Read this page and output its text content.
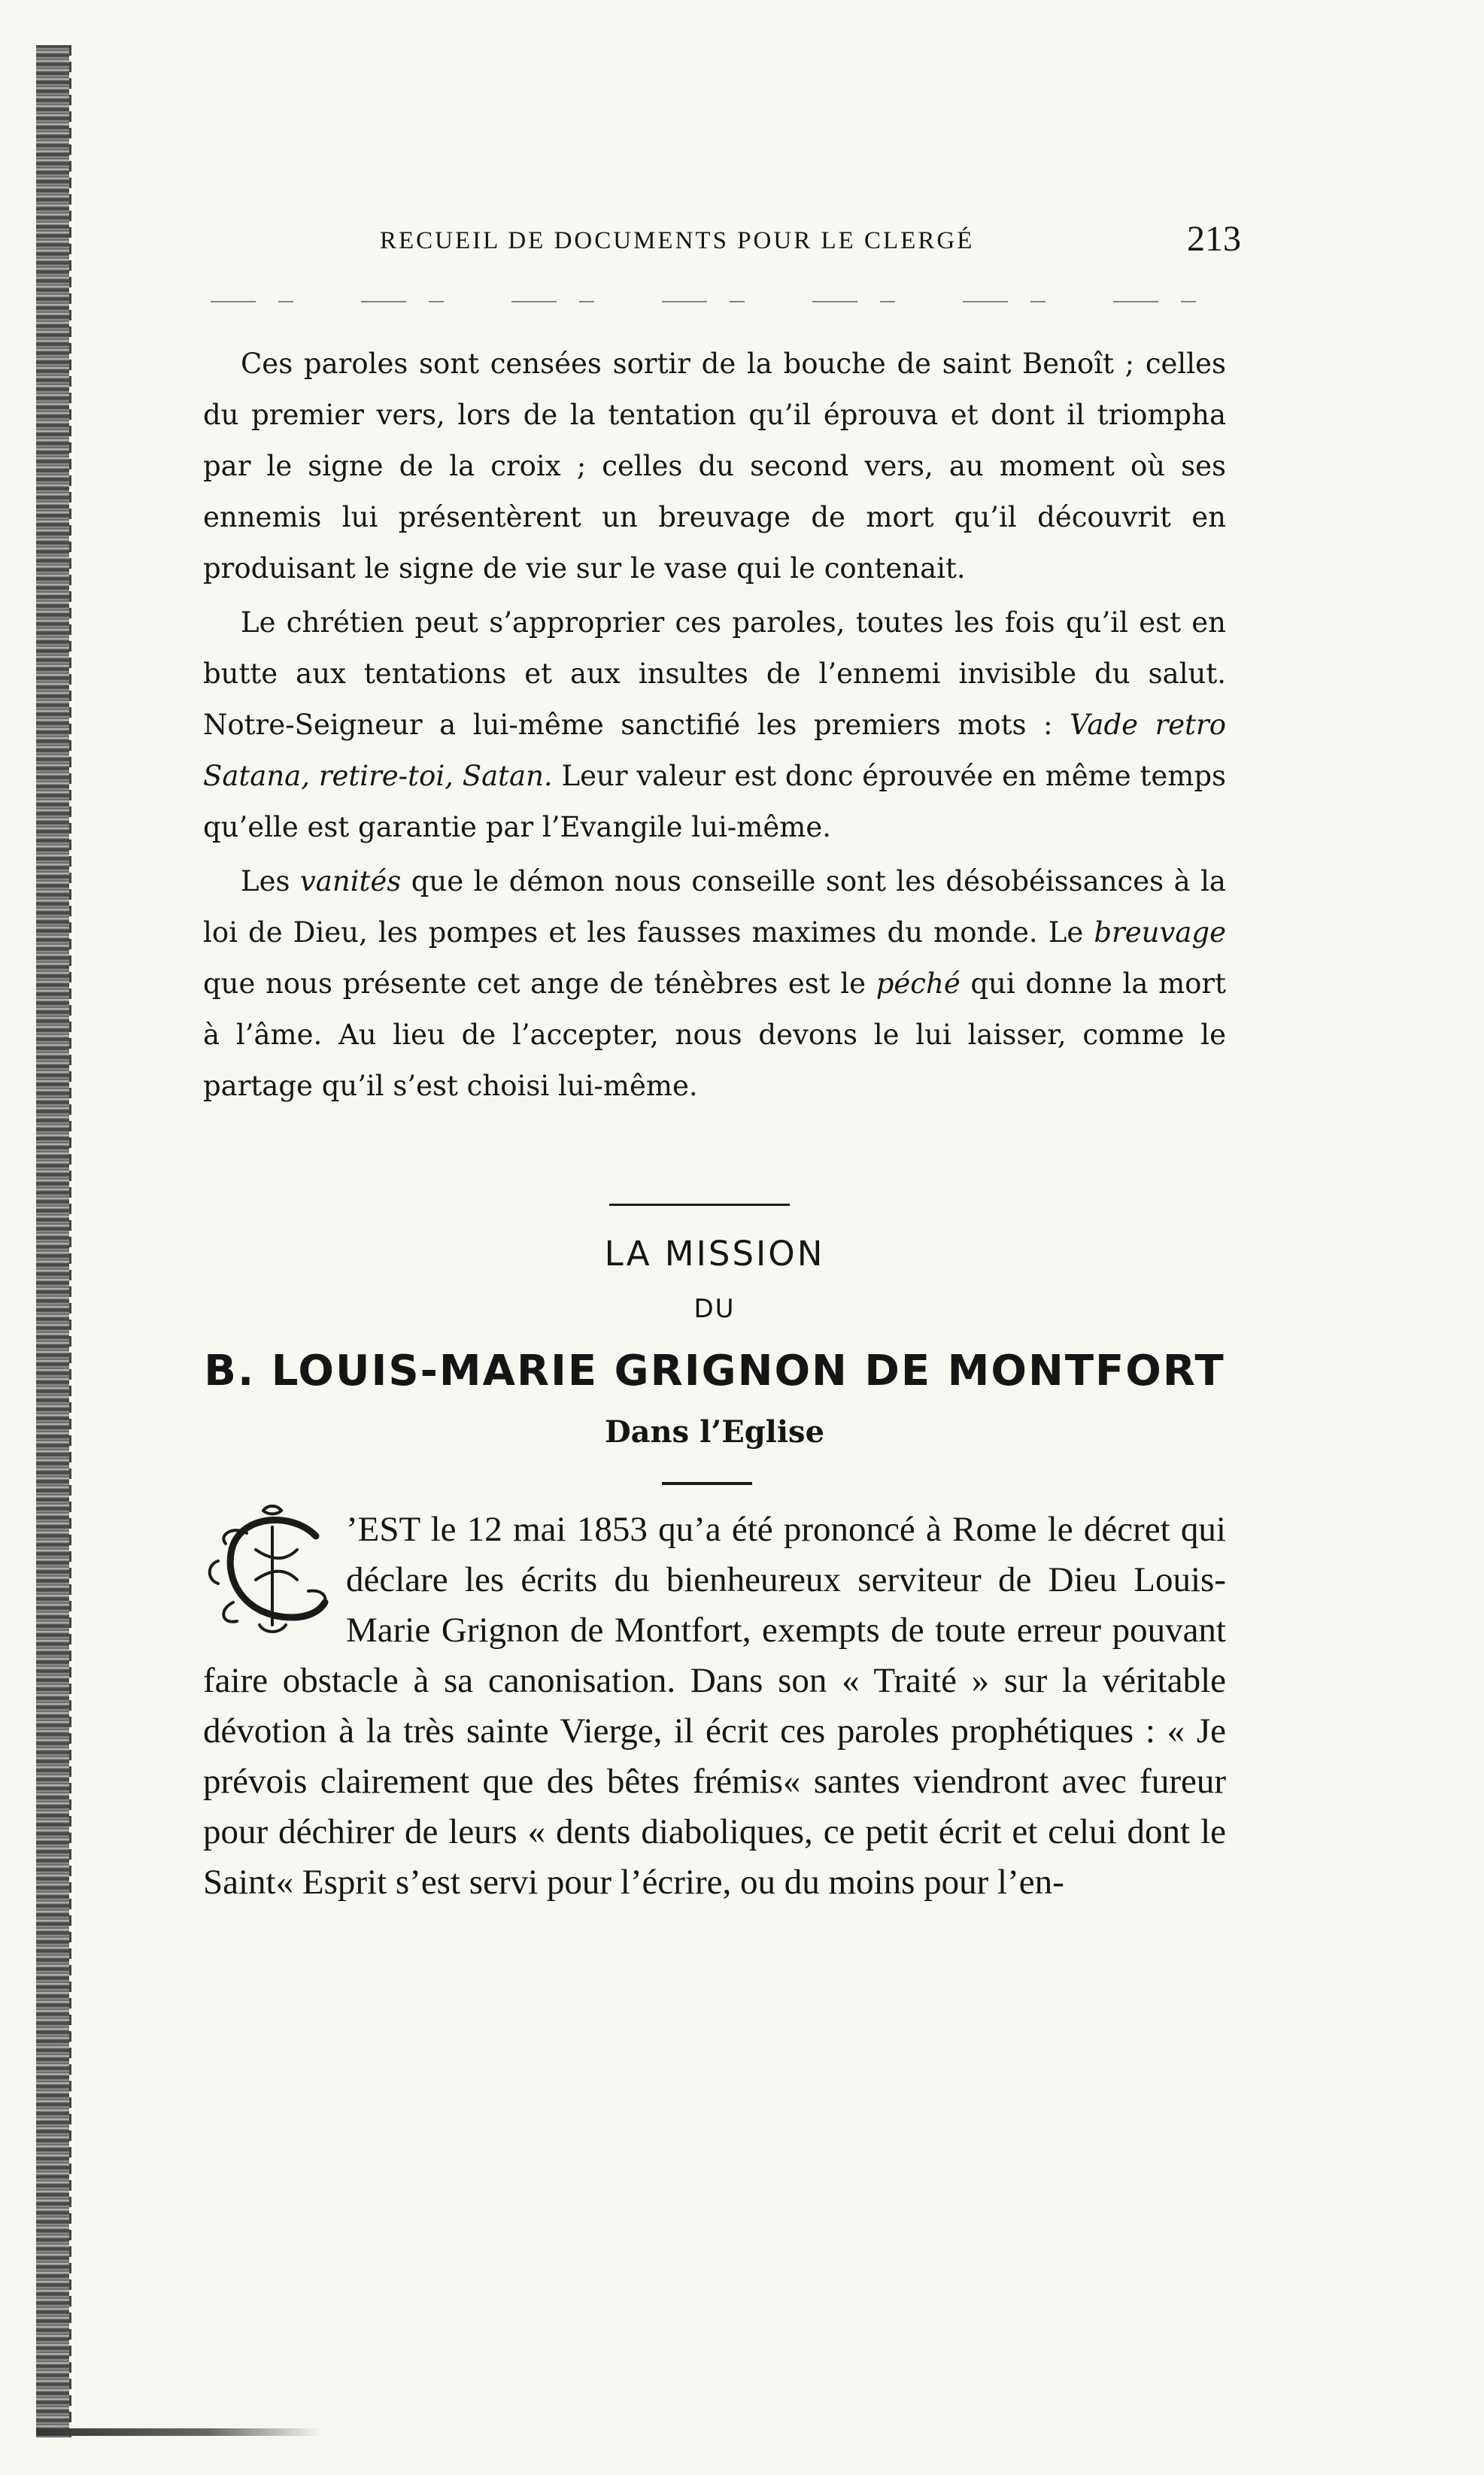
RECUEIL DE DOCUMENTS POUR LE CLERGÉ	213

Ces paroles sont censées sortir de la bouche de saint Benoît ; celles du premier vers, lors de la tentation qu’il éprouva et dont il triompha par le signe de la croix ; celles du second vers, au moment où ses ennemis lui présentèrent un breuvage de mort qu’il découvrit en produisant le signe de vie sur le vase qui le contenait.

Le chrétien peut s’approprier ces paroles, toutes les fois qu’il est en butte aux tentations et aux insultes de l’ennemi invisible du salut. Notre-Seigneur a lui-même sanctifié les premiers mots : Vade retro Satana, retire-toi, Satan. Leur valeur est donc éprouvée en même temps qu’elle est garantie par l’Evangile lui-même.

Les vanités que le démon nous conseille sont les désobéissances à la loi de Dieu, les pompes et les fausses maximes du monde. Le breuvage que nous présente cet ange de ténèbres est le péché qui donne la mort à l’âme. Au lieu de l’accepter, nous devons le lui laisser, comme le partage qu’il s’est choisi lui-même.

LA MISSION
DU
B. LOUIS-MARIE GRIGNON DE MONTFORT
Dans l’Eglise
’EST le 12 mai 1853 qu’a été prononcé à Rome le décret qui déclare les écrits du bienheureux serviteur de Dieu Louis-Marie Grignon de Montfort, exempts de toute erreur pouvant faire obstacle à sa canonisation. Dans son « Traité » sur la véritable dévotion à la très sainte Vierge, il écrit ces paroles prophétiques : « Je prévois clairement que des bêtes frémis« santes viendront avec fureur pour déchirer de leurs « dents diaboliques, ce petit écrit et celui dont le Saint« Esprit s’est servi pour l’écrire, ou du moins pour l’en-
